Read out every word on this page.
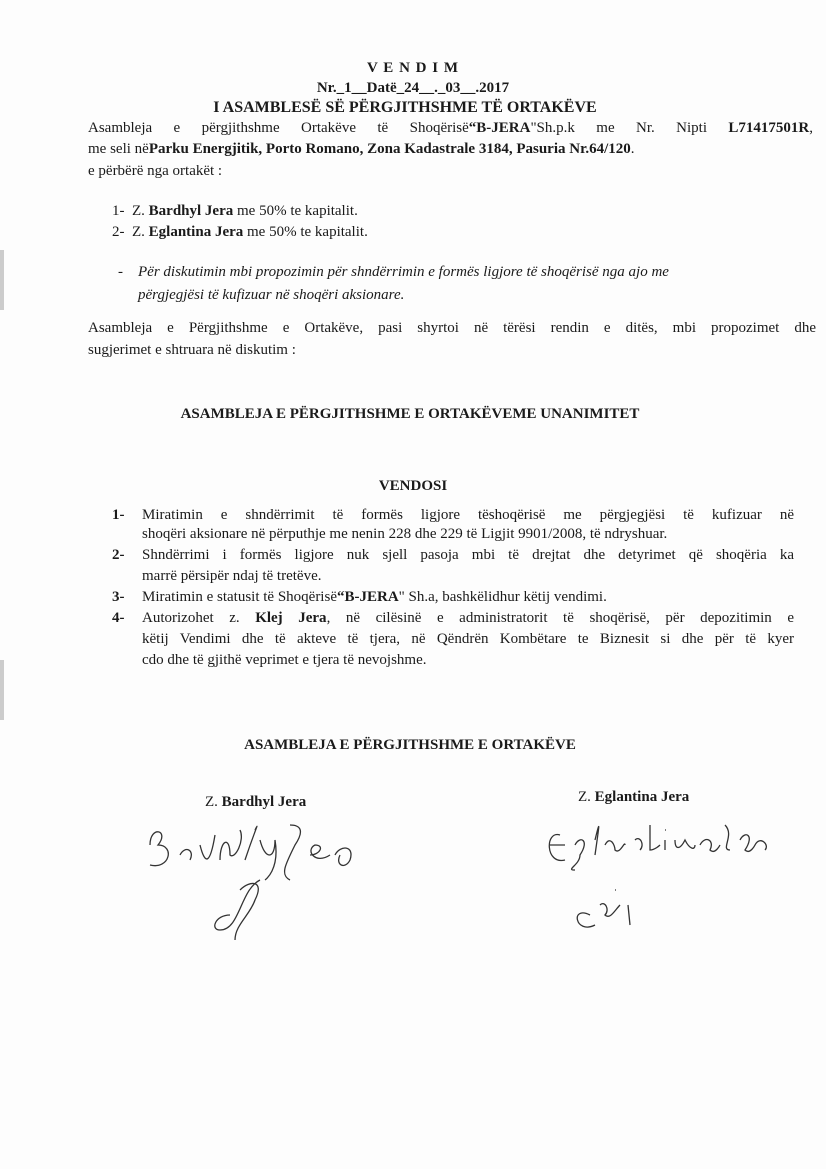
V E N D I M
Nr._1__Datë_24__._03__.2017
I ASAMBLESË SË PËRGJITHSHME TË ORTAKËVE
Asambleja e përgjithshme Ortakëve të Shoqërisë“B-JERA"Sh.p.k me Nr. Nipti L71417501R,
me seli nëParku Energjitik, Porto Romano, Zona Kadastrale 3184, Pasuria Nr.64/120.
e përbërë nga ortakët :
1- Z. Bardhyl Jera me 50% te kapitalit.
2- Z. Eglantina Jera me 50% te kapitalit.
- Për diskutimin mbi propozimin për shndërrimin e formës ligjore të shoqërisë nga ajo me
përgjegjësi të kufizuar në shoqëri aksionare.
Asambleja e Përgjithshme e Ortakëve, pasi shyrtoi në tërësi rendin e ditës, mbi propozimet dhe
sugjerimet e shtruara në diskutim :
ASAMBLEJA E PËRGJITHSHME E ORTAKËVEME UNANIMITET
VENDOSI
1- Miratimin e shndërrimit të formës ligjore tëshoqërisë me përgjegjësi të kufizuar në
shoqëri aksionare në përputhje me nenin 228 dhe 229 të Ligjit 9901/2008, të ndryshuar.
2- Shndërrimi i formës ligjore nuk sjell pasoja mbi të drejtat dhe detyrimet që shoqëria ka
marrë përsipër ndaj të tretëve.
3- Miratimin e statusit të Shoqërisë“B-JERA" Sh.a, bashkëlidhur këtij vendimi.
4- Autorizohet z. Klej Jera, në cilësinë e administratorit të shoqërisë, për depozitimin e
këtij Vendimi dhe të akteve të tjera, në Qëndrën Kombëtare te Biznesit si dhe për të kyer
cdo dhe të gjithë veprimet e tjera të nevojshme.
ASAMBLEJA E PËRGJITHSHME E ORTAKËVE
Z. Bardhyl Jera	Z. Eglantina Jera
